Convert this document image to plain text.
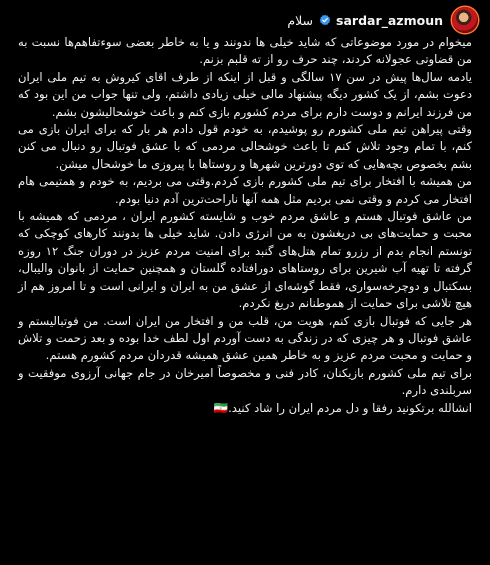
سلام sardar_azmoun

میخوام در مورد موضوعاتی که شاید خیلی ها ندونند و یا به خاطر بعضی سوءتفاهم‌ها نسبت به من قضاوتی عجولانه کردند، چند حرف رو از ته قلبم بزنم.

یادمه سال‌ها پیش در سن ۱۷ سالگی و قبل از اینکه از طرف اقای کیروش به تیم ملی ایران دعوت بشم، از یک کشور دیگه پیشنهاد مالی خیلی زیادی داشتم، ولی تنها جواب من این بود که من فرزند ایرانم و دوست دارم برای مردم کشورم بازی کنم و باعث خوشحالیشون بشم.

وقتی پیراهن تیم ملی کشورم رو پوشیدم، به خودم قول دادم هر بار که برای ایران بازی می کنم، با تمام وجود تلاش کنم تا باعث خوشحالی مردمی که با عشق فوتبال رو دنبال می کنن بشم بخصوص بچه‌هایی که توی دورترین شهرها و روستاها با پیروزی ما خوشحال میشن.

من همیشه با افتخار برای تیم ملی کشورم بازی کردم.وقتی می بردیم، به خودم و همتیمی هام افتخار می کردم و وقتی نمی بردیم مثل همه آنها ناراحت‌ترین آدم دنیا بودم.

من عاشق فوتبال هستم و عاشق مردم خوب و شایسته کشورم ایران ، مردمی که همیشه با محبت و حمایت‌های بی دریغشون به من انرژی دادن. شاید خیلی ها بدونند کارهای کوچکی که تونستم انجام بدم از رزرو تمام هتل‌های گنبد برای امنیت مردم عزیز در دوران جنگ ۱۲ روزه گرفته تا تهیه آب شیرین برای روستاهای دورافتاده گلستان و همچنین حمایت از بانوان والیبال، بسکتبال و دوچرخه‌سواری، فقط گوشه‌ای از عشق من به ایران و ایرانی است و تا امروز هم از هیچ تلاشی برای حمایت از هموطنانم دریغ نکردم.

هر جایی که فوتبال بازی کنم، هویت من، قلب من و افتخار من ایران است. من فوتبالیستم و عاشق فوتبال و هر چیزی که در زندگی به دست آوردم اول لطف خدا بوده و بعد زحمت و تلاش و حمایت و محبت مردم عزیز و به خاطر همین عشق همیشه قدردان مردم کشورم هستم.

برای تیم ملی کشورم بازیکنان، کادر فنی و مخصوصاً امیرخان در جام جهانی آرزوی موفقیت و سربلندی دارم.

انشالله برتکونید رفقا و دل مردم ایران را شاد کنید.🇮🇷
